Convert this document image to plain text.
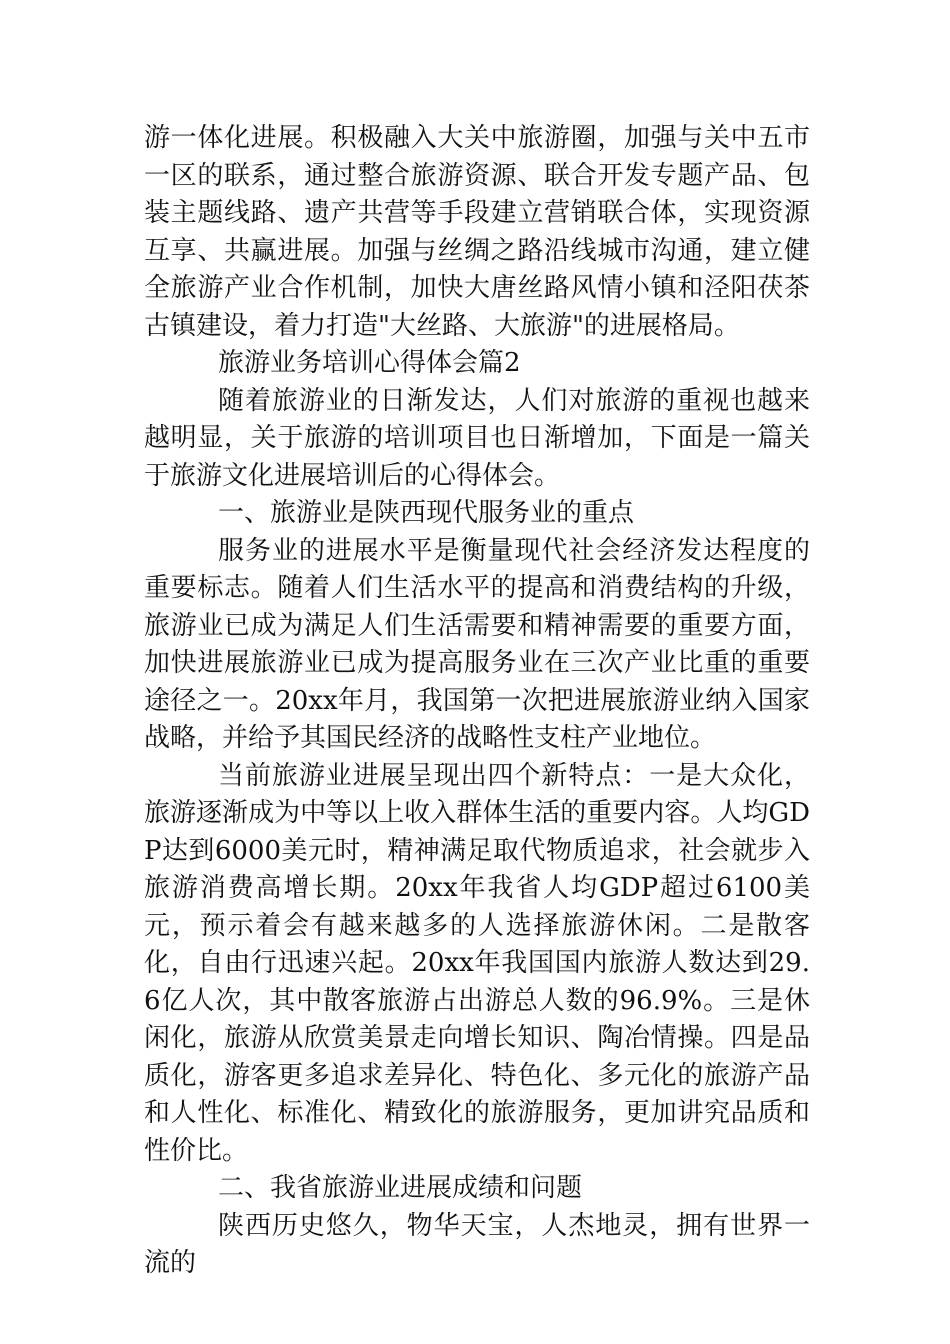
游一体化进展。积极融入大关中旅游圈，加强与关中五市一区的联系，通过整合旅游资源、联合开发专题产品、包装主题线路、遗产共营等手段建立营销联合体，实现资源互享、共赢进展。加强与丝绸之路沿线城市沟通，建立健全旅游产业合作机制，加快大唐丝路风情小镇和泾阳茯茶古镇建设，着力打造"大丝路、大旅游"的进展格局。

旅游业务培训心得体会篇2

随着旅游业的日渐发达，人们对旅游的重视也越来越明显，关于旅游的培训项目也日渐增加，下面是一篇关于旅游文化进展培训后的心得体会。

一、旅游业是陕西现代服务业的重点

服务业的进展水平是衡量现代社会经济发达程度的重要标志。随着人们生活水平的提高和消费结构的升级，旅游业已成为满足人们生活需要和精神需要的重要方面，加快进展旅游业已成为提高服务业在三次产业比重的重要途径之一。20xx年月，我国第一次把进展旅游业纳入国家战略，并给予其国民经济的战略性支柱产业地位。

当前旅游业进展呈现出四个新特点：一是大众化，旅游逐渐成为中等以上收入群体生活的重要内容。人均GDP达到6000美元时，精神满足取代物质追求，社会就步入旅游消费高增长期。20xx年我省人均GDP超过6100美元，预示着会有越来越多的人选择旅游休闲。二是散客化，自由行迅速兴起。20xx年我国国内旅游人数达到29.6亿人次，其中散客旅游占出游总人数的96.9%。三是休闲化，旅游从欣赏美景走向增长知识、陶冶情操。四是品质化，游客更多追求差异化、特色化、多元化的旅游产品和人性化、标准化、精致化的旅游服务，更加讲究品质和性价比。

二、我省旅游业进展成绩和问题

陕西历史悠久，物华天宝，人杰地灵，拥有世界一流的
